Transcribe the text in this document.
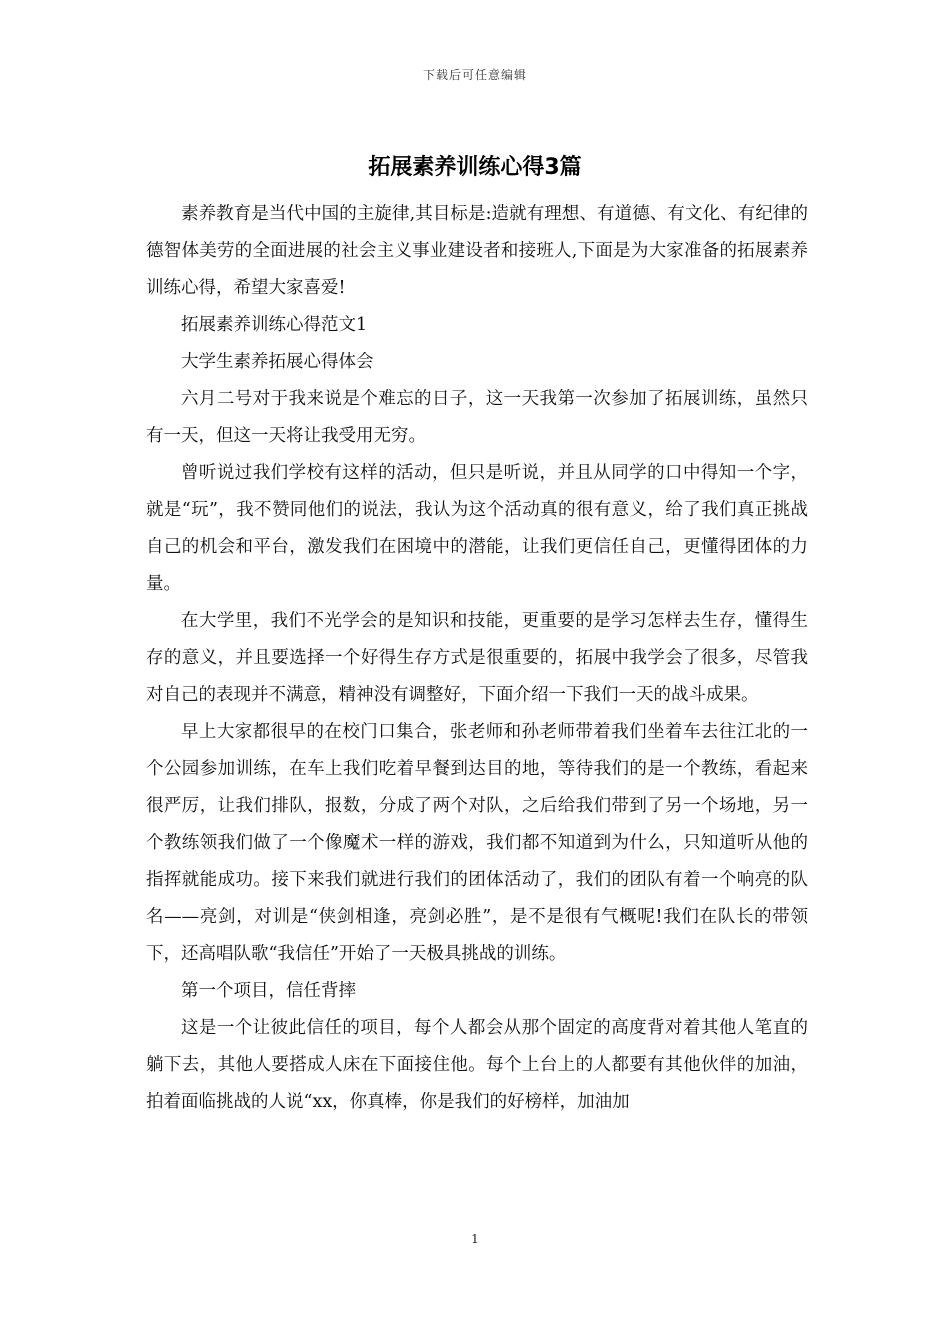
下载后可任意编辑
拓展素养训练心得3篇

素养教育是当代中国的主旋律,其目标是:造就有理想、有道德、有文化、有纪律的德智体美劳的全面进展的社会主义事业建设者和接班人,下面是为大家准备的拓展素养训练心得，希望大家喜爱!

拓展素养训练心得范文1

大学生素养拓展心得体会

六月二号对于我来说是个难忘的日子，这一天我第一次参加了拓展训练，虽然只有一天，但这一天将让我受用无穷。

曾听说过我们学校有这样的活动，但只是听说，并且从同学的口中得知一个字，就是“玩”，我不赞同他们的说法，我认为这个活动真的很有意义，给了我们真正挑战自己的机会和平台，激发我们在困境中的潜能，让我们更信任自己，更懂得团体的力量。

在大学里，我们不光学会的是知识和技能，更重要的是学习怎样去生存，懂得生存的意义，并且要选择一个好得生存方式是很重要的，拓展中我学会了很多，尽管我对自己的表现并不满意，精神没有调整好，下面介绍一下我们一天的战斗成果。

早上大家都很早的在校门口集合，张老师和孙老师带着我们坐着车去往江北的一个公园参加训练，在车上我们吃着早餐到达目的地，等待我们的是一个教练，看起来很严厉，让我们排队，报数，分成了两个对队，之后给我们带到了另一个场地，另一个教练领我们做了一个像魔术一样的游戏，我们都不知道到为什么，只知道听从他的指挥就能成功。接下来我们就进行我们的团体活动了，我们的团队有着一个响亮的队名——亮剑，对训是“侠剑相逢，亮剑必胜”，是不是很有气概呢!我们在队长的带领下，还高唱队歌“我信任”开始了一天极具挑战的训练。

第一个项目，信任背摔

这是一个让彼此信任的项目，每个人都会从那个固定的高度背对着其他人笔直的躺下去，其他人要搭成人床在下面接住他。每个上台上的人都要有其他伙伴的加油，拍着面临挑战的人说“xx，你真棒，你是我们的好榜样，加油加

1
